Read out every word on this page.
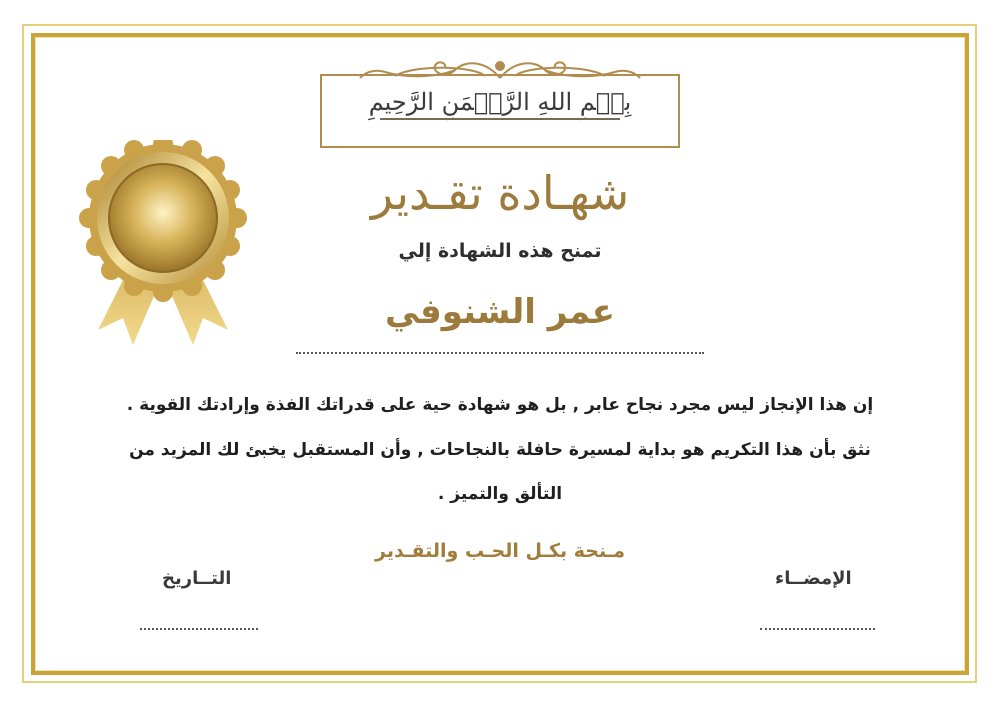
بِسۡمِ اللهِ الرَّحۡمَنِ الرَّحِيمِ
شهـادة تقـدير
تمنح هذه الشهادة إلي
عمر الشنوفي
إن هذا الإنجاز ليس مجرد نجاح عابر , بل هو شهادة حية على قدراتك الفذة وإرادتك القوية .
نثق بأن هذا التكريم هو بداية لمسيرة حافلة بالنجاحات , وأن المستقبل يخبئ لك المزيد من
التألق والتميز .
مـنحة بكـل الحـب والتقـدير
الإمضــاء
التــاريخ
